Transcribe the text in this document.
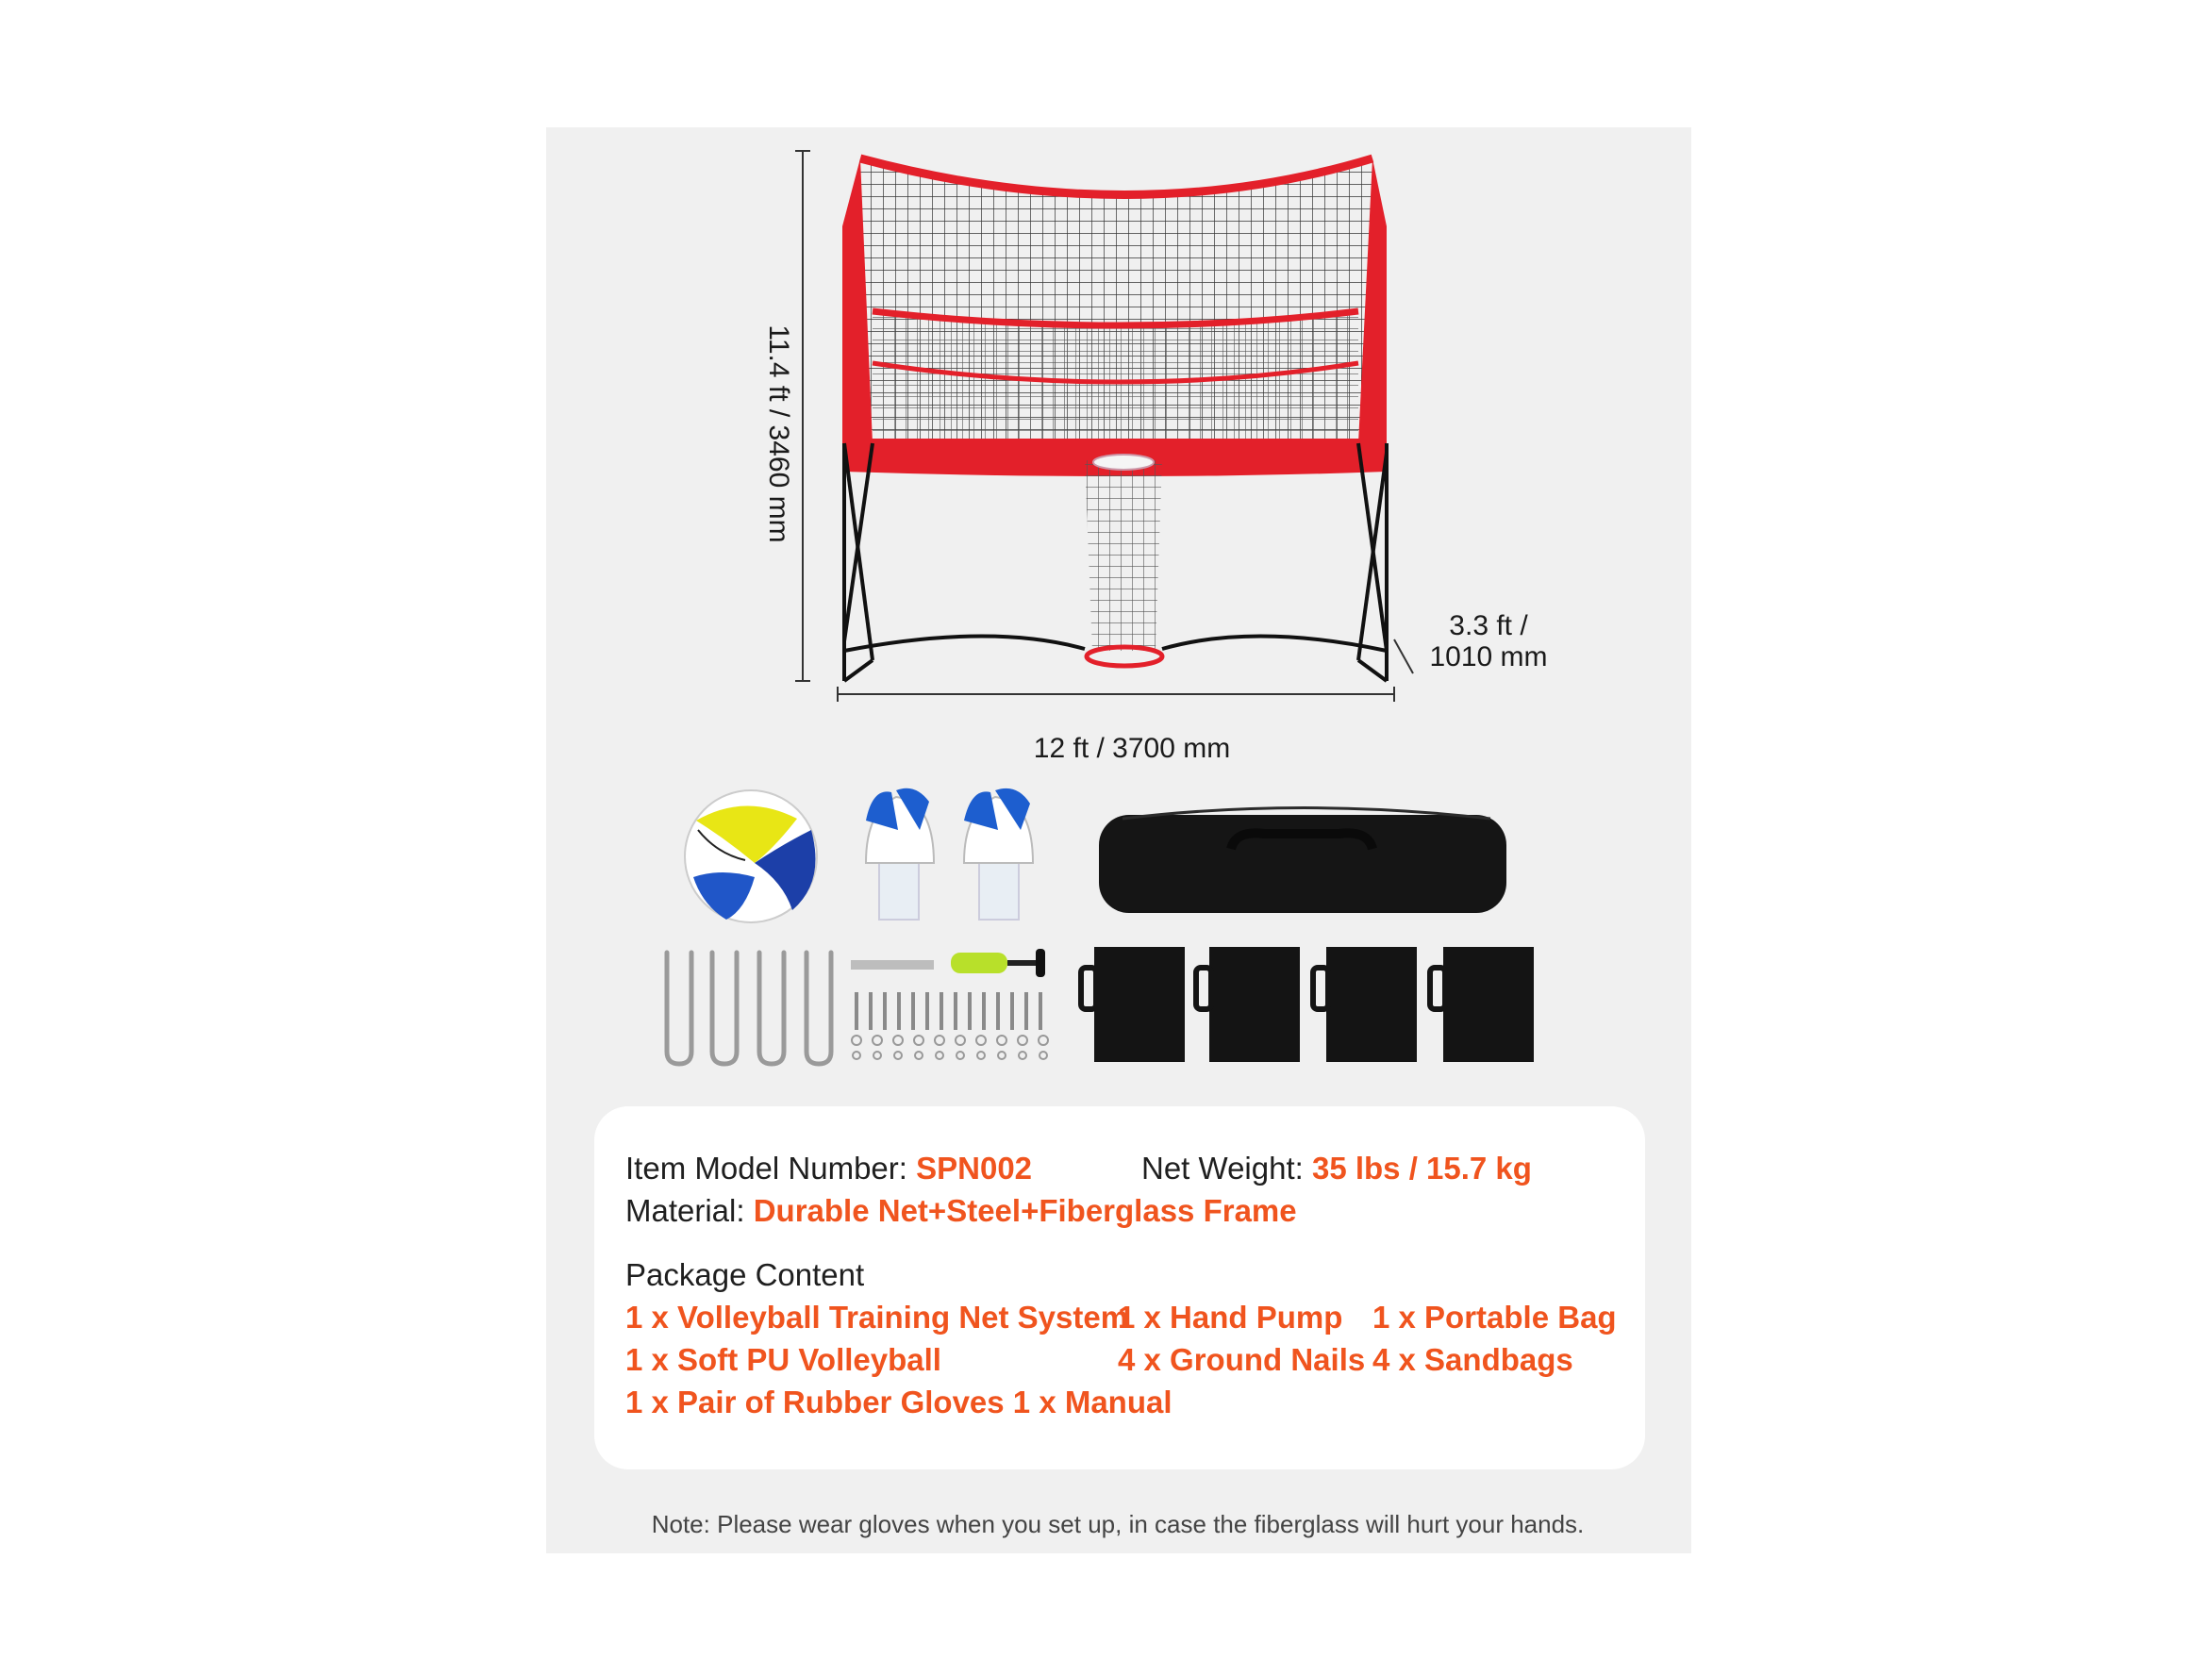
11.4 ft / 3460 mm
12 ft / 3700 mm
3.3 ft /
1010 mm
Item Model Number: SPN002	Net Weight: 35 lbs / 15.7 kg
Material: Durable Net+Steel+Fiberglass Frame
Package Content
1 x Volleyball Training Net System
1 x Hand Pump 1 x Portable Bag
1 x Soft PU Volleyball	4 x Ground Nails 4 x Sandbags
1 x Pair of Rubber Gloves 1 x Manual
Note: Please wear gloves when you set up, in case the fiberglass will hurt your hands.
